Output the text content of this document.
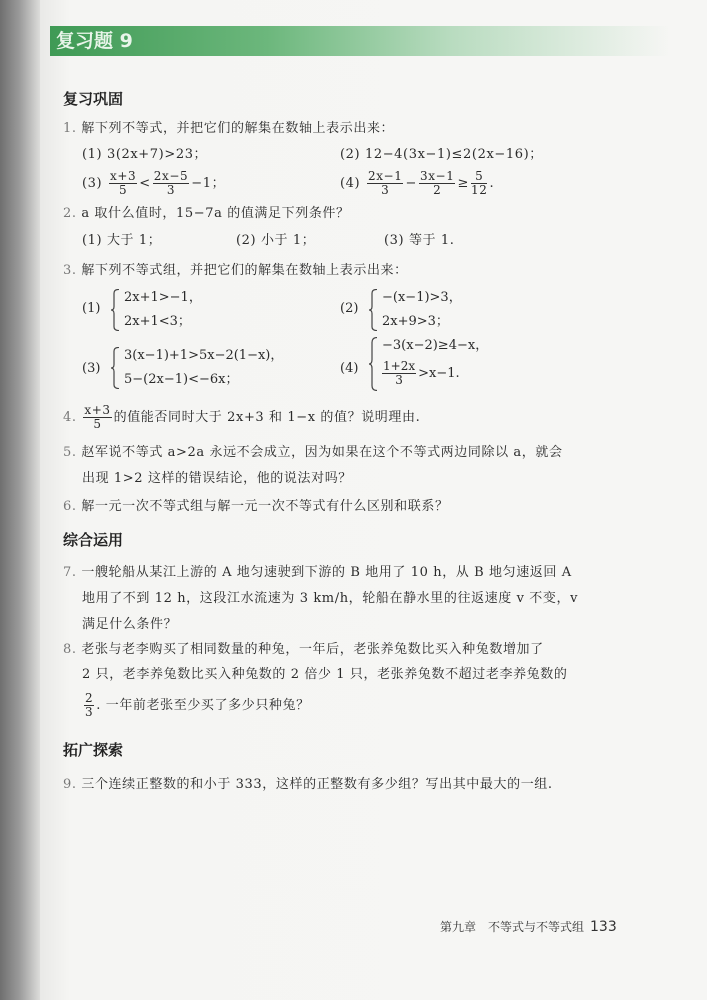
复习题 9
复习巩固
1. 解下列不等式，并把它们的解集在数轴上表示出来：
(1) 3(2x+7)>23；	(2) 12−4(3x−1)≤2(2x−16)；
$(3) \frac{x+3}{5} < \frac{2x-5}{3} -1$；	$(4) \frac{2x-1}{3} - \frac{3x-1}{2} \ge \frac{5}{12}$ .
2. a 取什么值时，15−7a 的值满足下列条件？
(1) 大于 1；	(2) 小于 1；	(3) 等于 1.
3. 解下列不等式组，并把它们的解集在数轴上表示出来：
(1)
2x+1>−1，
2x+1<3；
(2)
−(x−1)>3，
2x+9>3；
(3)
3(x−1)+1>5x−2(1−x)，
5−(2x−1)<−6x；
(4)
−3(x−2)≥4−x，
$\frac{1+2x}{3} >x-1$.
4. $\frac{x+3}{5}$ 的值能否同时大于 2x+3 和 1−x 的值？说明理由.
5. 赵军说不等式 a>2a 永远不会成立，因为如果在这个不等式两边同除以 a，就会
出现 1>2 这样的错误结论，他的说法对吗？
6. 解一元一次不等式组与解一元一次不等式有什么区别和联系？
综合运用
7. 一艘轮船从某江上游的 A 地匀速驶到下游的 B 地用了 10 h，从 B 地匀速返回 A
地用了不到 12 h，这段江水流速为 3 km/h，轮船在静水里的往返速度 v 不变，v
满足什么条件？
8. 老张与老李购买了相同数量的种兔，一年后，老张养兔数比买入种兔数增加了
2 只，老李养兔数比买入种兔数的 2 倍少 1 只，老张养兔数不超过老李养兔数的
$\frac{2}{3}$ . 一年前老张至少买了多少只种兔？
拓广探索
9. 三个连续正整数的和小于 333，这样的正整数有多少组？写出其中最大的一组.
第九章　不等式与不等式组 133
